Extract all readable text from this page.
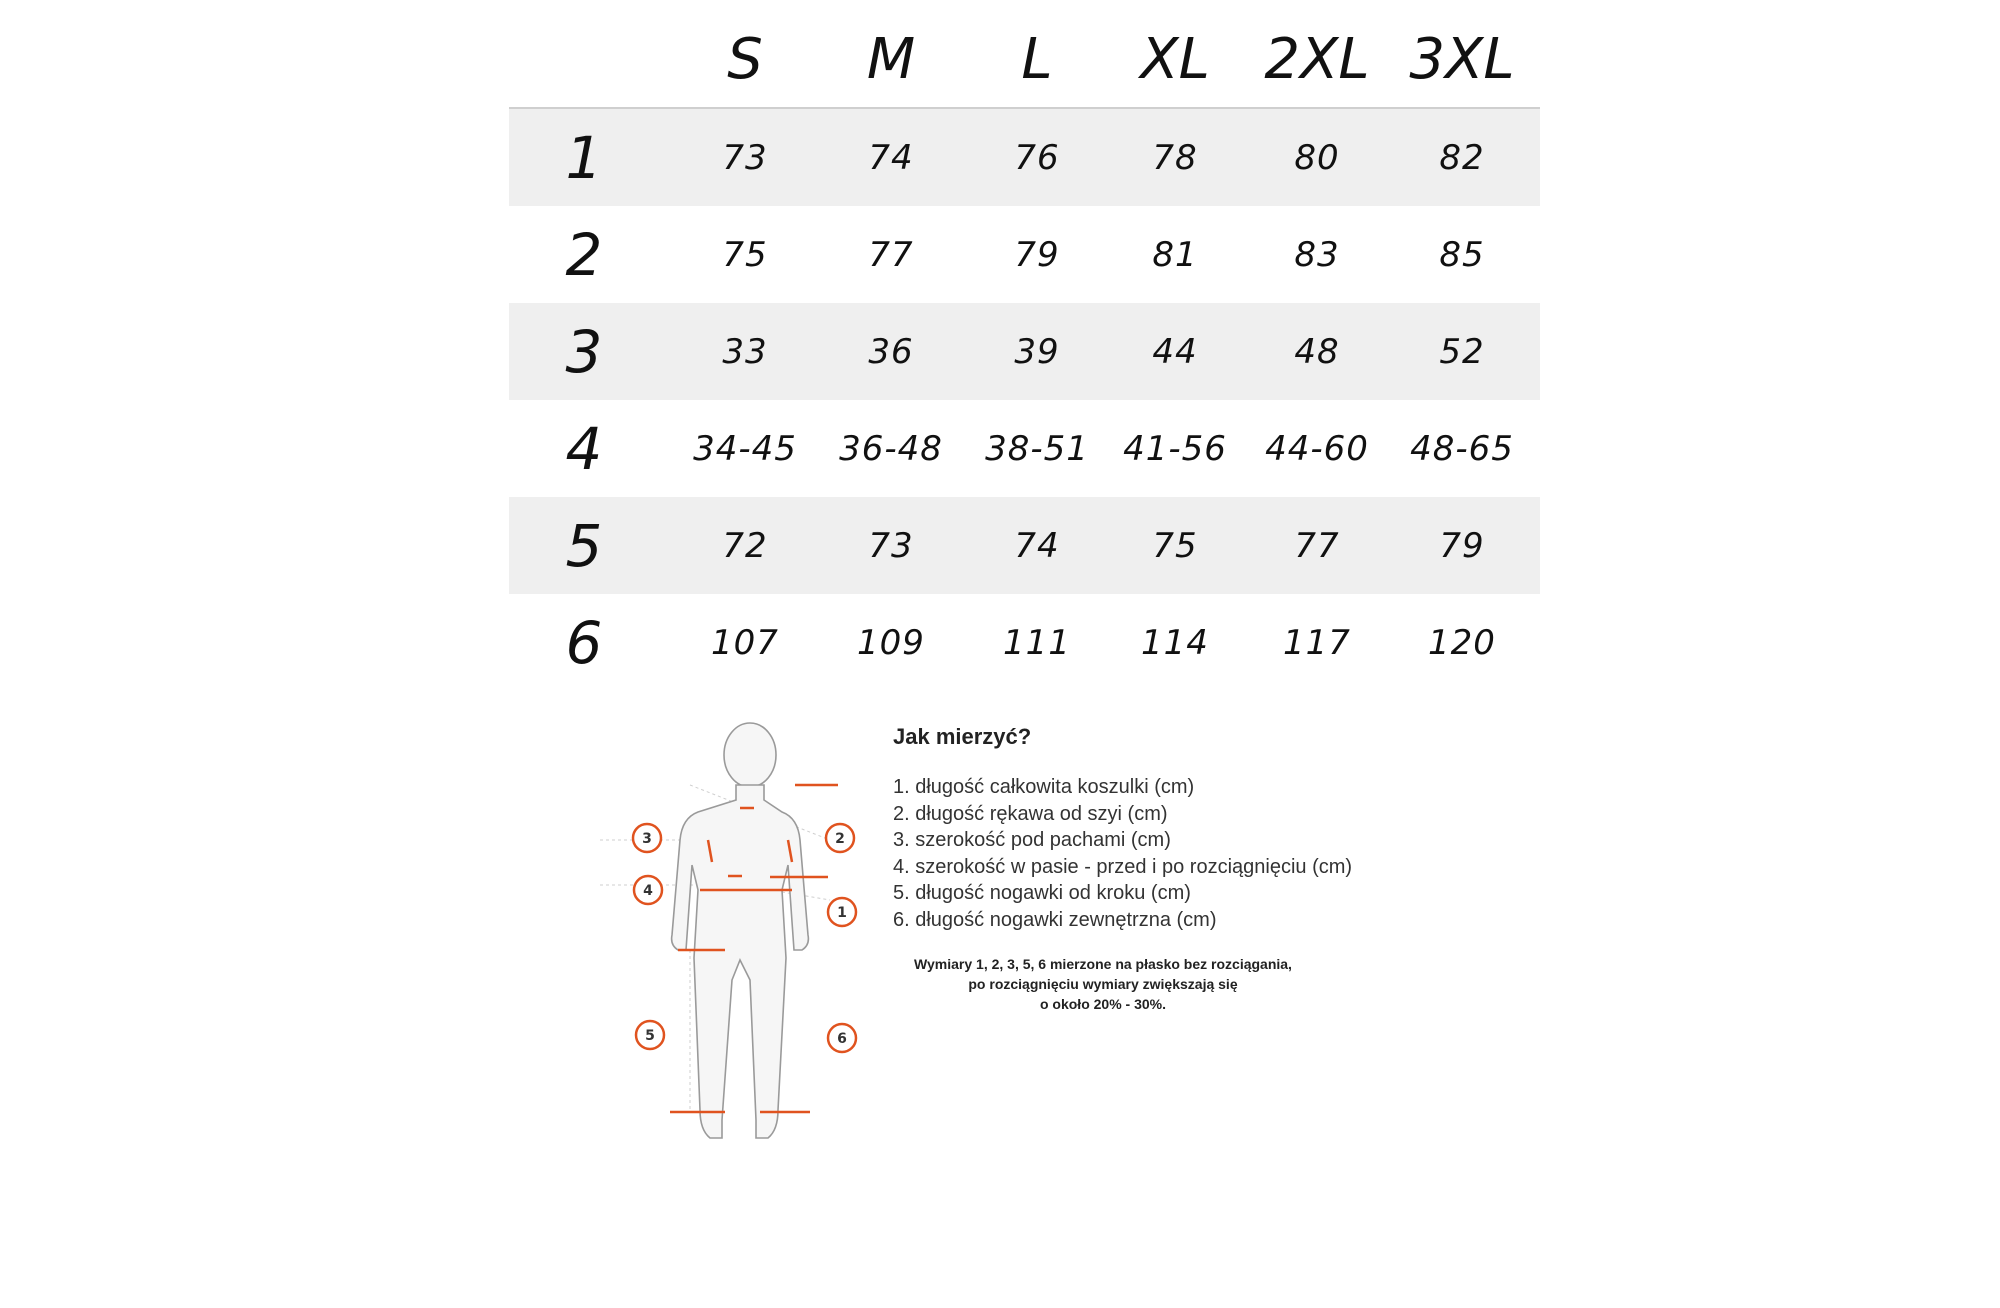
S M L XL 2XL 3XL
1	73	74	76	78	80	82
2	75	77	79	81	83	85
3	33	36	39	44	48	52
4	34-45 36-48 38-51 41-56 44-60 48-65
5	72	73	74	75	77	79
6	107 109 111 114 117 120
1
2
3
4
5	6
Jak mierzyć?
1. długość całkowita koszulki (cm)
2. długość rękawa od szyi (cm)
3. szerokość pod pachami (cm)
4. szerokość w pasie - przed i po rozciągnięciu (cm)
5. długość nogawki od kroku (cm)
6. długość nogawki zewnętrzna (cm)
Wymiary 1, 2, 3, 5, 6 mierzone na płasko bez rozciągania,
po rozciągnięciu wymiary zwiększają się
o około 20% - 30%.
